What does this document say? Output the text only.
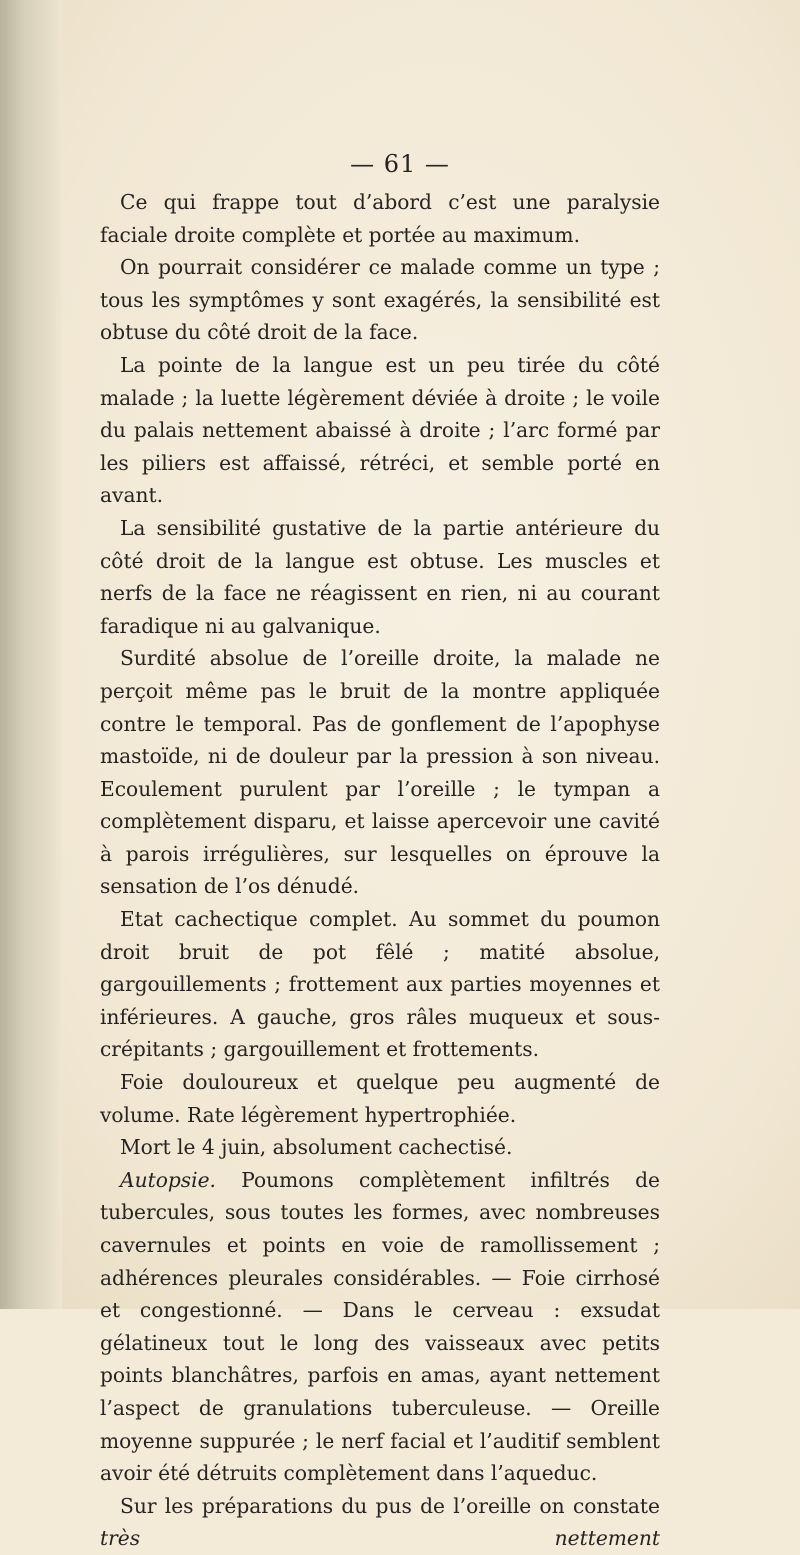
— 61 —

Ce qui frappe tout d’abord c’est une paralysie faciale droite complète et portée au maximum.

On pourrait considérer ce malade comme un type ; tous les symptômes y sont exagérés, la sensibilité est obtuse du côté droit de la face.

La pointe de la langue est un peu tirée du côté malade ; la luette légèrement déviée à droite ; le voile du palais nettement abaissé à droite ; l’arc formé par les piliers est affaissé, rétréci, et semble porté en avant.

La sensibilité gustative de la partie antérieure du côté droit de la langue est obtuse. Les muscles et nerfs de la face ne réagissent en rien, ni au courant faradique ni au galvanique.

Surdité absolue de l’oreille droite, la malade ne perçoit même pas le bruit de la montre appliquée contre le temporal. Pas de gonflement de l’apophyse mastoïde, ni de douleur par la pression à son niveau. Ecoulement purulent par l’oreille ; le tympan a complètement disparu, et laisse apercevoir une cavité à parois irrégulières, sur lesquelles on éprouve la sensation de l’os dénudé.

Etat cachectique complet. Au sommet du poumon droit bruit de pot fêlé ; matité absolue, gargouillements ; frottement aux parties moyennes et inférieures. A gauche, gros râles muqueux et sous-crépitants ; gargouillement et frottements.

Foie douloureux et quelque peu augmenté de volume. Rate légèrement hypertrophiée.

Mort le 4 juin, absolument cachectisé.

Autopsie. Poumons complètement infiltrés de tubercules, sous toutes les formes, avec nombreuses cavernules et points en voie de ramollissement ; adhérences pleurales considérables. — Foie cirrhosé et congestionné. — Dans le cerveau : exsudat gélatineux tout le long des vaisseaux avec petits points blanchâtres, parfois en amas, ayant nettement l’aspect de granulations tuberculeuse. — Oreille moyenne suppurée ; le nerf facial et l’auditif semblent avoir été détruits complètement dans l’aqueduc.

Sur les préparations du pus de l’oreille on constate très nettement
